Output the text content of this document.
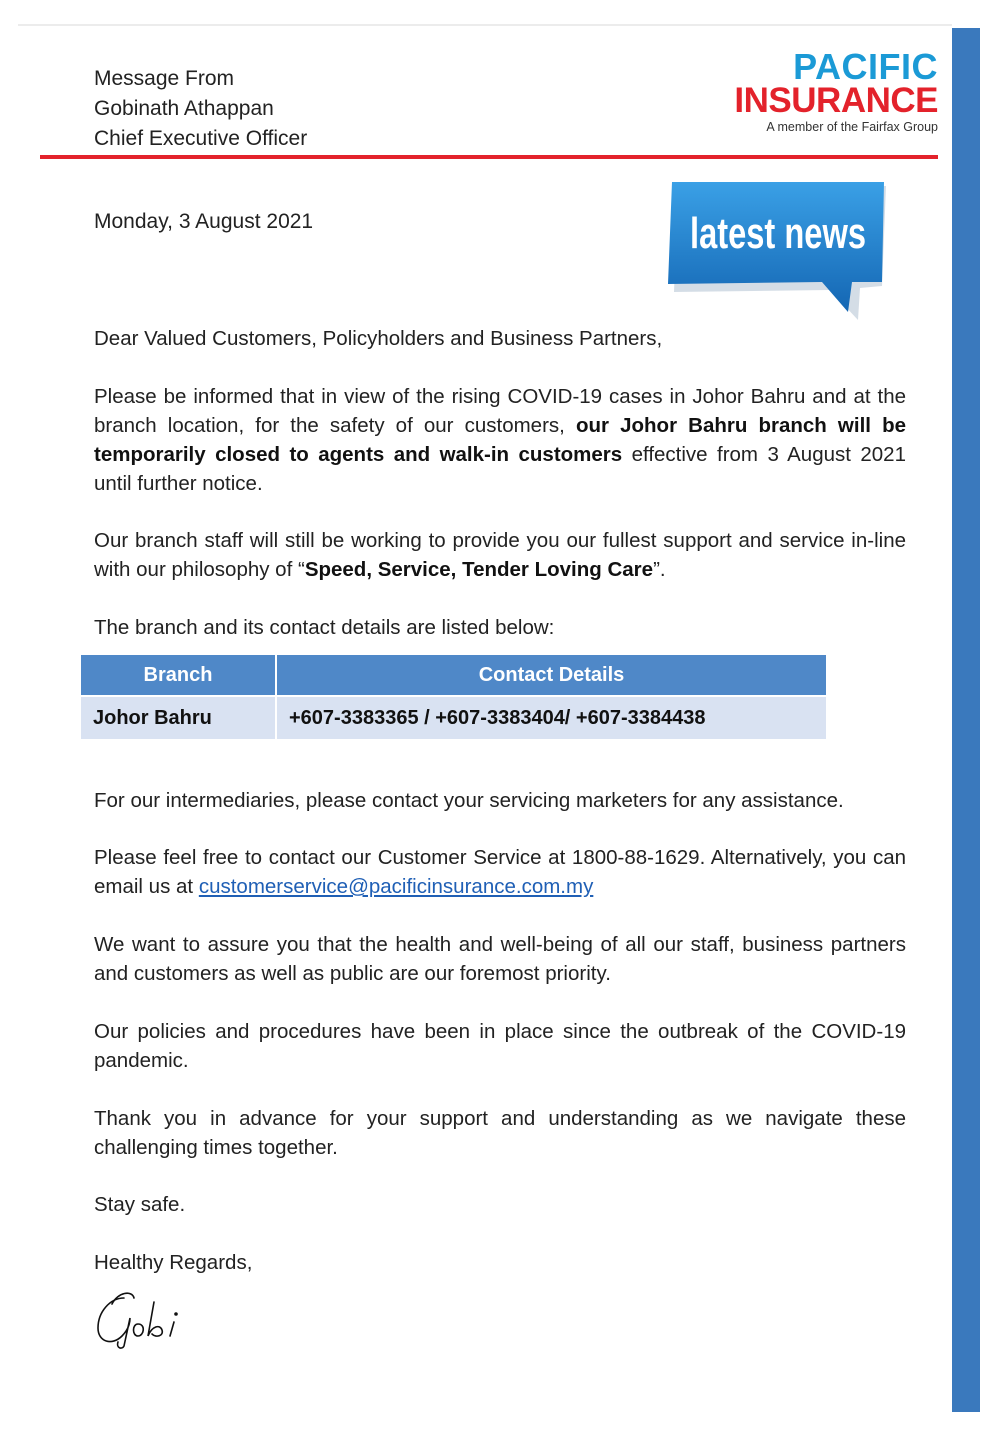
Message From
Gobinath Athappan
Chief Executive Officer
PACIFIC
INSURANCE
A member of the Fairfax Group
Monday, 3 August 2021	latest news
Dear Valued Customers, Policyholders and Business Partners,
Please be informed that in view of the rising COVID-19 cases in Johor Bahru and at the branch location, for the safety of our customers, our Johor Bahru branch will be temporarily closed to agents and walk-in customers effective from 3 August 2021 until further notice.
Our branch staff will still be working to provide you our fullest support and service in-line with our philosophy of “Speed, Service, Tender Loving Care”.
The branch and its contact details are listed below:
Branch	Contact Details
Johor Bahru	+607-3383365 / +607-3383404/ +607-3384438
For our intermediaries, please contact your servicing marketers for any assistance.
Please feel free to contact our Customer Service at 1800-88-1629. Alternatively, you can email us at customerservice@pacificinsurance.com.my
We want to assure you that the health and well-being of all our staff, business partners and customers as well as public are our foremost priority.
Our policies and procedures have been in place since the outbreak of the COVID-19 pandemic.
Thank you in advance for your support and understanding as we navigate these challenging times together.
Stay safe.
Healthy Regards,
